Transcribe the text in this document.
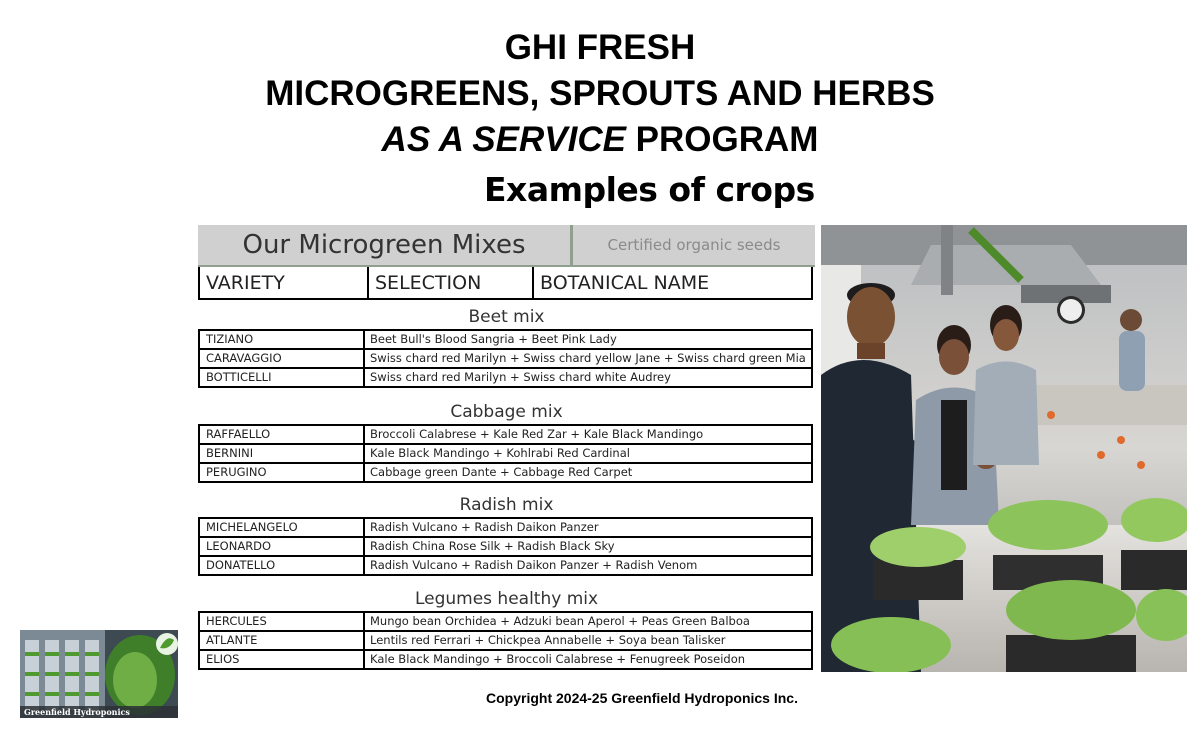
GHI FRESH
MICROGREENS, SPROUTS AND HERBS
AS A SERVICE PROGRAM
Examples of crops
Our Microgreen Mixes	Certified organic seeds
VARIETY	SELECTION	BOTANICAL NAME
Beet mix
TIZIANO	Beet Bull's Blood Sangria + Beet Pink Lady
CARAVAGGIO	Swiss chard red Marilyn + Swiss chard yellow Jane + Swiss chard green Mia
BOTTICELLI	Swiss chard red Marilyn + Swiss chard white Audrey
Cabbage mix
RAFFAELLO	Broccoli Calabrese + Kale Red Zar + Kale Black Mandingo
BERNINI	Kale Black Mandingo + Kohlrabi Red Cardinal
PERUGINO	Cabbage green Dante + Cabbage Red Carpet
Radish mix
MICHELANGELO	Radish Vulcano + Radish Daikon Panzer
LEONARDO	Radish China Rose Silk + Radish Black Sky
DONATELLO	Radish Vulcano + Radish Daikon Panzer + Radish Venom
Legumes healthy mix
HERCULES	Mungo bean Orchidea + Adzuki bean Aperol + Peas Green Balboa
ATLANTE	Lentils red Ferrari + Chickpea Annabelle + Soya bean Talisker
ELIOS	Kale Black Mandingo + Broccoli Calabrese + Fenugreek Poseidon
Greenfield Hydroponics
Copyright 2024-25 Greenfield Hydroponics Inc.
